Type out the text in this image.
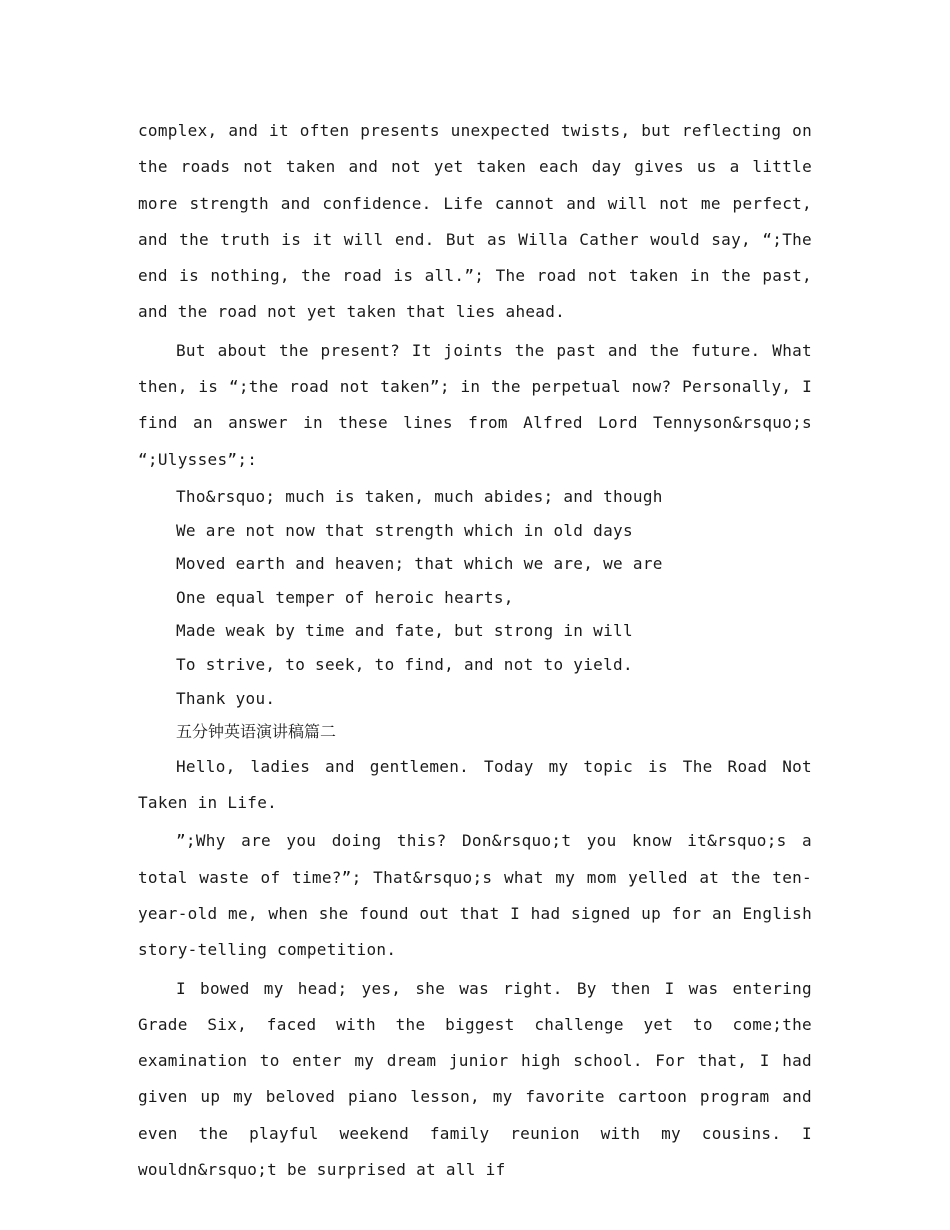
complex, and it often presents unexpected twists, but reflecting on the roads not taken and not yet taken each day gives us a little more strength and confidence. Life cannot and will not me perfect, and the truth is it will end. But as Willa Cather would say, “;The end is nothing, the road is all.”; The road not taken in the past, and the road not yet taken that lies ahead.

But about the present? It joints the past and the future. What then, is “;the road not taken”; in the perpetual now? Personally, I find an answer in these lines from Alfred Lord Tennyson&rsquo;s “;Ulysses”;:

Tho&rsquo; much is taken, much abides; and though

We are not now that strength which in old days

Moved earth and heaven; that which we are, we are

One equal temper of heroic hearts,

Made weak by time and fate, but strong in will

To strive, to seek, to find, and not to yield.

Thank you.

五分钟英语演讲稿篇二

Hello, ladies and gentlemen. Today my topic is The Road Not Taken in Life.

”;Why are you doing this? Don&rsquo;t you know it&rsquo;s a total waste of time?”; That&rsquo;s what my mom yelled at the ten-year-old me, when she found out that I had signed up for an English story-telling competition.

I bowed my head; yes, she was right. By then I was entering Grade Six, faced with the biggest challenge yet to come;the examination to enter my dream junior high school. For that, I had given up my beloved piano lesson, my favorite cartoon program and even the playful weekend family reunion with my cousins. I wouldn&rsquo;t be surprised at all if
